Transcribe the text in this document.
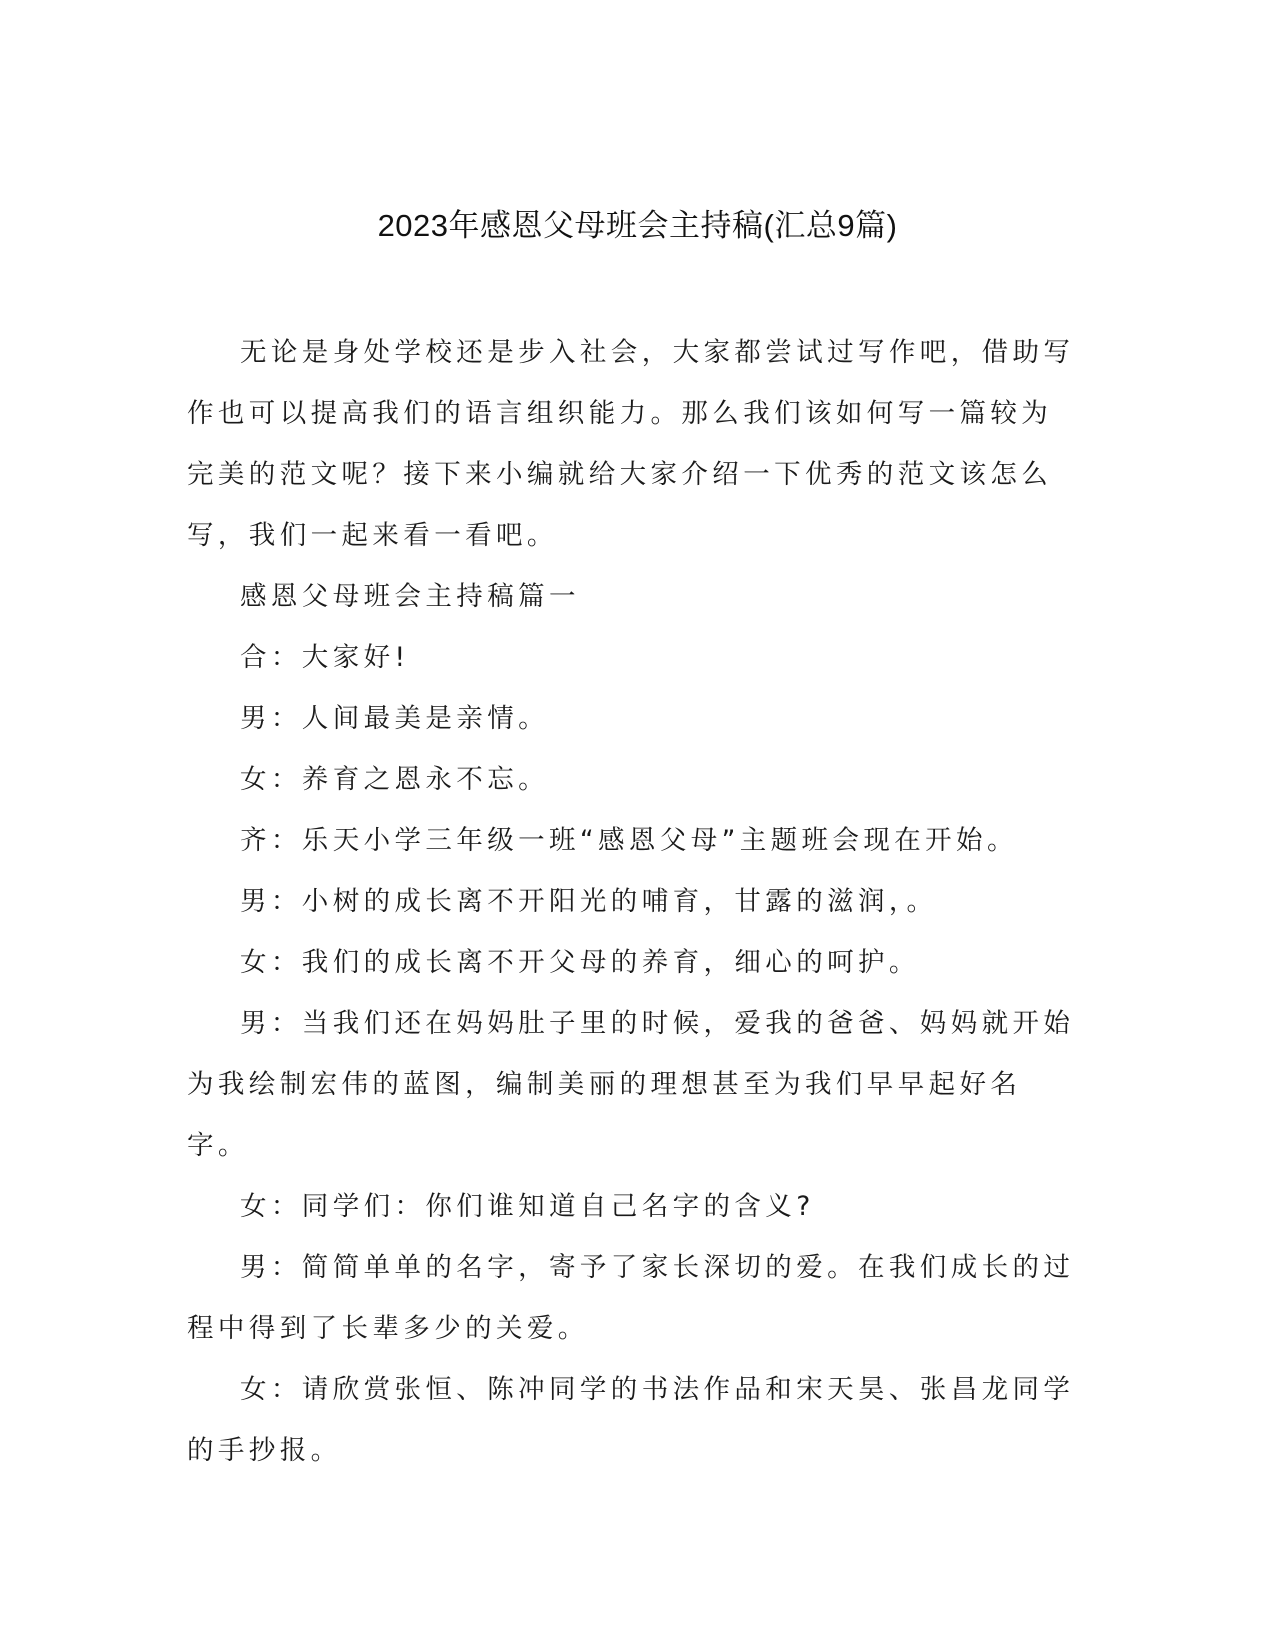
2023年感恩父母班会主持稿(汇总9篇)

无论是身处学校还是步入社会，大家都尝试过写作吧，借助写作也可以提高我们的语言组织能力。那么我们该如何写一篇较为完美的范文呢？接下来小编就给大家介绍一下优秀的范文该怎么写，我们一起来看一看吧。

感恩父母班会主持稿篇一

合：大家好!

男：人间最美是亲情。

女：养育之恩永不忘。

齐：乐天小学三年级一班“感恩父母”主题班会现在开始。

男：小树的成长离不开阳光的哺育，甘露的滋润，。

女：我们的成长离不开父母的养育，细心的呵护。

男：当我们还在妈妈肚子里的时候，爱我的爸爸、妈妈就开始为我绘制宏伟的蓝图，编制美丽的理想甚至为我们早早起好名字。

女：同学们：你们谁知道自己名字的含义?

男：简简单单的名字，寄予了家长深切的爱。在我们成长的过程中得到了长辈多少的关爱。

女：请欣赏张恒、陈冲同学的书法作品和宋天昊、张昌龙同学的手抄报。
